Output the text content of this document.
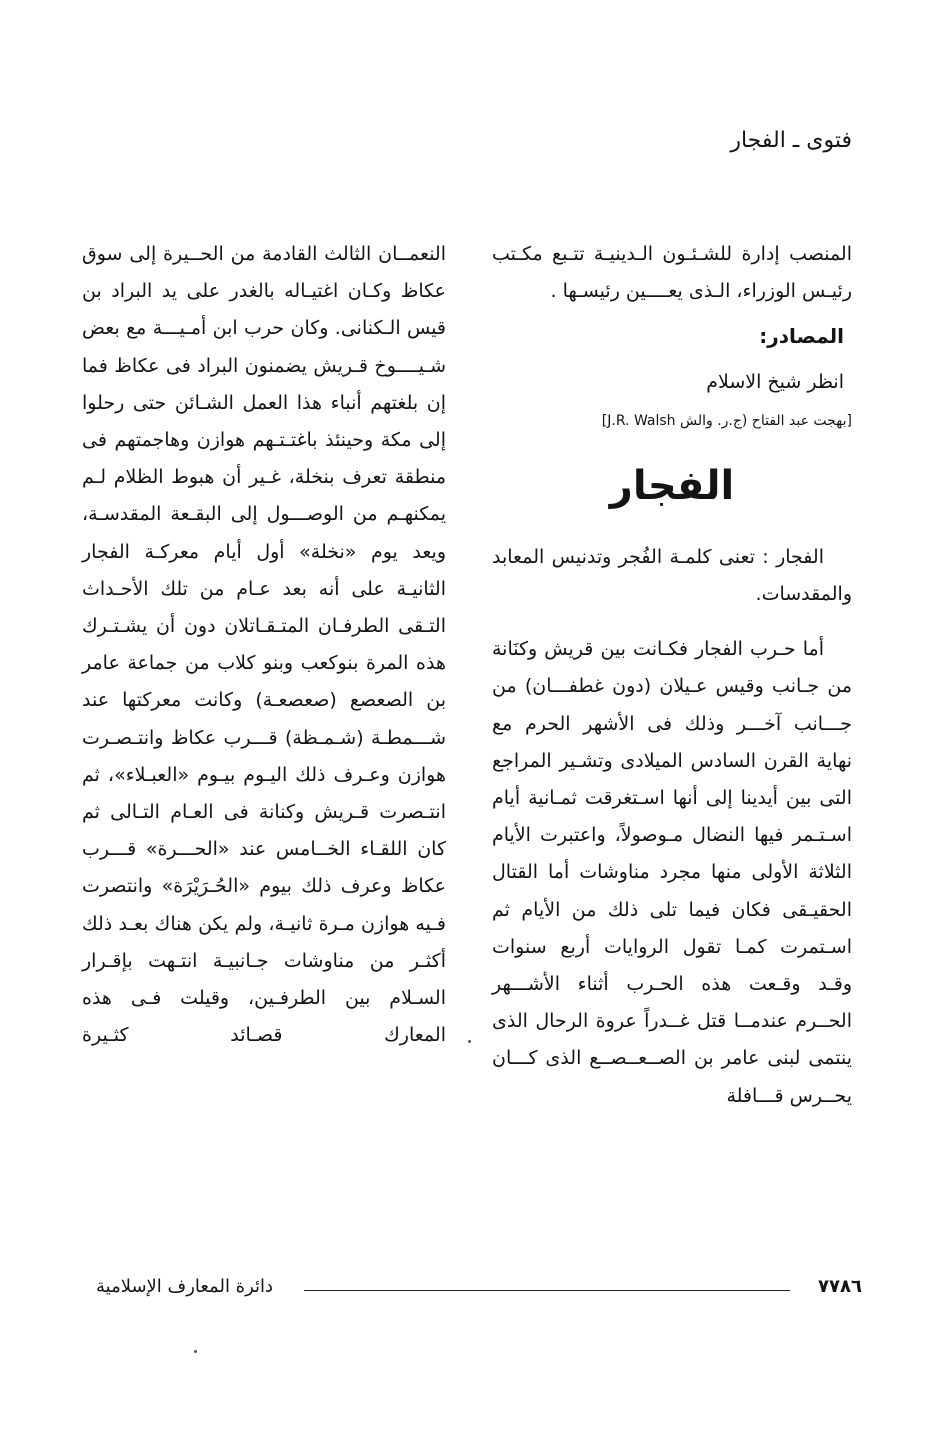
فتوى ـ الفجار

المنصب إدارة للشـئـون الـدينيـة تتـبع مكـتب رئيـس الوزراء، الـذى يعــــين رئيسـها .

المصادر:

انظر شيخ الاسلام

[بهجت عبد الفتاح (ج.ر. والش J.R. Walsh]

الفجار

الفجار : تعنى كلمـة الفُجر وتدنيس المعابد والمقدسات.

أما حـرب الفجار فكـانت بين قريش وكنَانة من جـانب وقيس عـيلان (دون غطفـــان) من جـــانب آخـــر وذلك فى الأشهر الحرم مع نهاية القرن السادس الميلادى وتشـير المراجع التى بين أيدينا إلى أنها اسـتغرقت ثمـانية أيام اسـتـمر فيها النضال مـوصولاً، واعتبرت الأيام الثلاثة الأولى منها مجرد مناوشات أما القتال الحقيـقى فكان فيما تلى ذلك من الأيام ثم اسـتمرت كمـا تقول الروايات أربع سنوات وقـد وقـعت هذه الحـرب أثناء الأشـــهر الحــرم عندمــا قتل غــدراً عروة الرحال الذى ينتمى لبنى عامر بن الصــعــصــع الذى كـــان يحــرس قـــافلة

النعمــان الثالث القادمة من الحــيرة إلى سوق عكاظ وكـان اغتيـاله بالغدر على يد البراد بن قيس الـكنانى. وكان حرب ابن أمـيـــة مع بعض شـيــــوخ قـريش يضمنون البراد فى عكاظ فما إن بلغتهم أنباء هذا العمل الشـائن حتى رحلوا إلى مكة وحينئذ باغتـتـهم هوازن وهاجمتهم فى منطقة تعرف بنخلة، غـير أن هبوط الظلام لـم يمكنهـم من الوصـــول إلى البقـعة المقدسـة، ويعد يوم «نخلة» أول أيام معركـة الفجار الثانيـة على أنه بعد عـام من تلك الأحـداث التـقى الطرفـان المتـقـاتلان دون أن يشـتـرك هذه المرة بنوكعب وبنو كلاب من جماعة عامر بن الصعصع (صعصعـة) وكانت معركتها عند شـــمطـة (شـمـظة) قـــرب عكاظ وانتـصـرت هوازن وعـرف ذلك اليـوم بيـوم «العبـلاء»، ثم انتـصرت قـريش وكنانة فى العـام التـالى ثم كان اللقـاء الخــامس عند «الحـــرة» قـــرب عكاظ وعرف ذلك بيوم «الحُـرَيْرَة» وانتصرت فـيه هوازن مـرة ثانيـة، ولم يكن هناك بعـد ذلك أكثـر من مناوشات جـانبيـة انتـهت بإقـرار السـلام بين الطرفـين، وقيلت فـى هذه المعارك قصـائد كثـيرة

٧٧٨٦
دائرة المعارف الإسلامية
